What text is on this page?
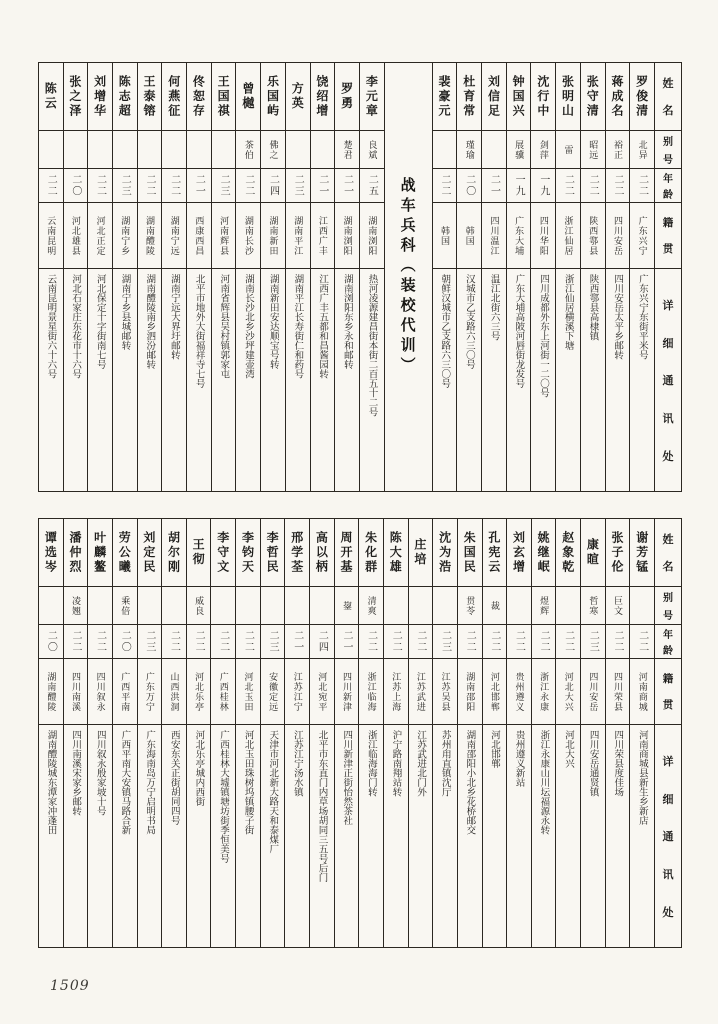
姓
名
别
号
年
龄
籍
贯
详
细
通
讯
处
罗俊清
北异
二二
广东兴宁
广东兴宁东街平米号
蒋成名
裕正
二二
四川安岳
四川安岳太平乡邮转
张守清
昭远
二二
陕西鄠县
陕西鄠县高棣镇
张明山
雷
二二
浙江仙居
浙江仙居横溪下塘
沈行中
剑萍
一九
四川华阳
四川成都外东上河街一二〇号
钟国兴
展骥
一九
广东大埔
广东大埔高陂河唇街龙发号
刘信足
二一
四川温江
温江北街六三号
杜育常
瑾瑜
二〇
韩国
汉城市乙支路六三〇号
裴豪元
二二
韩国
朝鲜汉城市乙支路六三〇号
战车兵科（装校代训）
李元章
良斌
二五
湖南浏阳
热河凌源建昌街本街二百五十二号
罗勇
楚君
二一
湖南浏阳
湖南浏阳东乡永和邮转
饶绍增
二一
江西广丰
江西广丰五都和昌酱园转
方英
二三
湖南平江
湖南平江长寿街仁和药号
乐国屿
佛之
二四
湖南新田
湖南新田安达顺宝号转
曾樾
茶伯
二二
湖南长沙
湖南长沙北乡沙坪建壶湾
王国祺
二三
河南辉县
河南省辉县吴村镇郭家屯
佟恕存
二一
西康西昌
北平市地外大街福祥寺七号
何燕征
二二
湖南宁远
湖南宁远大界圩邮转
王泰镕
二二
湖南醴陵
湖南醴陵南乡泗汾邮转
陈志超
二三
湖南宁乡
湖南宁乡县城邮转
刘增华
二二
河北正定
河北保定十字街南七号
张之泽
二〇
河北雄县
河北石家庄东花市十六号
陈云
二二
云南昆明
云南昆明景星街六十六号
姓
名
别
号
年
龄
籍
贯
详
细
通
讯
处
谢芳锰
二二
河南商城
河南商城县新生乡新店
张子伦
巨文
二二
四川荣县
四川荣县度佳场
康暄
哲寒
二三
四川安岳
四川安岳通贤镇
赵象乾
二二
河北大兴
河北大兴
姚继岷
煜辉
二二
浙江永康
浙江永康山川坛福源永转
刘玄增
二二
贵州遵义
贵州遵义新站
孔宪云
裁
二二
河北邯郸
河北邯郸
朱国民
贯苓
二二
湖南邵阳
湖南邵阳小北乡花桥邮交
沈为浩
二三
江苏吴县
苏州甪直镇沈厅
庄培
二二
江苏武进
江苏武进北门外
陈大雄
二二
江苏上海
沪宁路南翔站转
朱化群
清爽
二二
浙江临海
浙江临海海门转
周开基
鋆
二一
四川新津
四川新津正街怡然茶社
高以柄
二四
河北宛平
北平市东直门内草场胡同三五号后门
邢学荃
二一
江苏江宁
江苏江宁汤水镇
李哲民
二三
安徽定远
天津市河北新大路天和泰煤厂
李钧天
二二
河北玉田
河北玉田珠树坞镇腰子街
李守文
二二
广西桂林
广西桂林大墟镇塘坊街季恒美号
王彻
威良
二二
河北乐亭
河北乐亭城内西街
胡尔刚
二二
山西洪洞
西安东关正街胡同四号
刘定民
二三
广东万宁
广东海南岛万宁启明书局
劳公曦
乘倍
二〇
广西平南
广西平南大安镇马路合新
叶麟鳌
二二
四川叙永
四川叙永殷家坡十号
潘仲烈
凌翘
二二
四川南溪
四川南溪宋家乡邮转
谭选岑
二〇
湖南醴陵
湖南醴陵城东潭家冲蓬田
1509
